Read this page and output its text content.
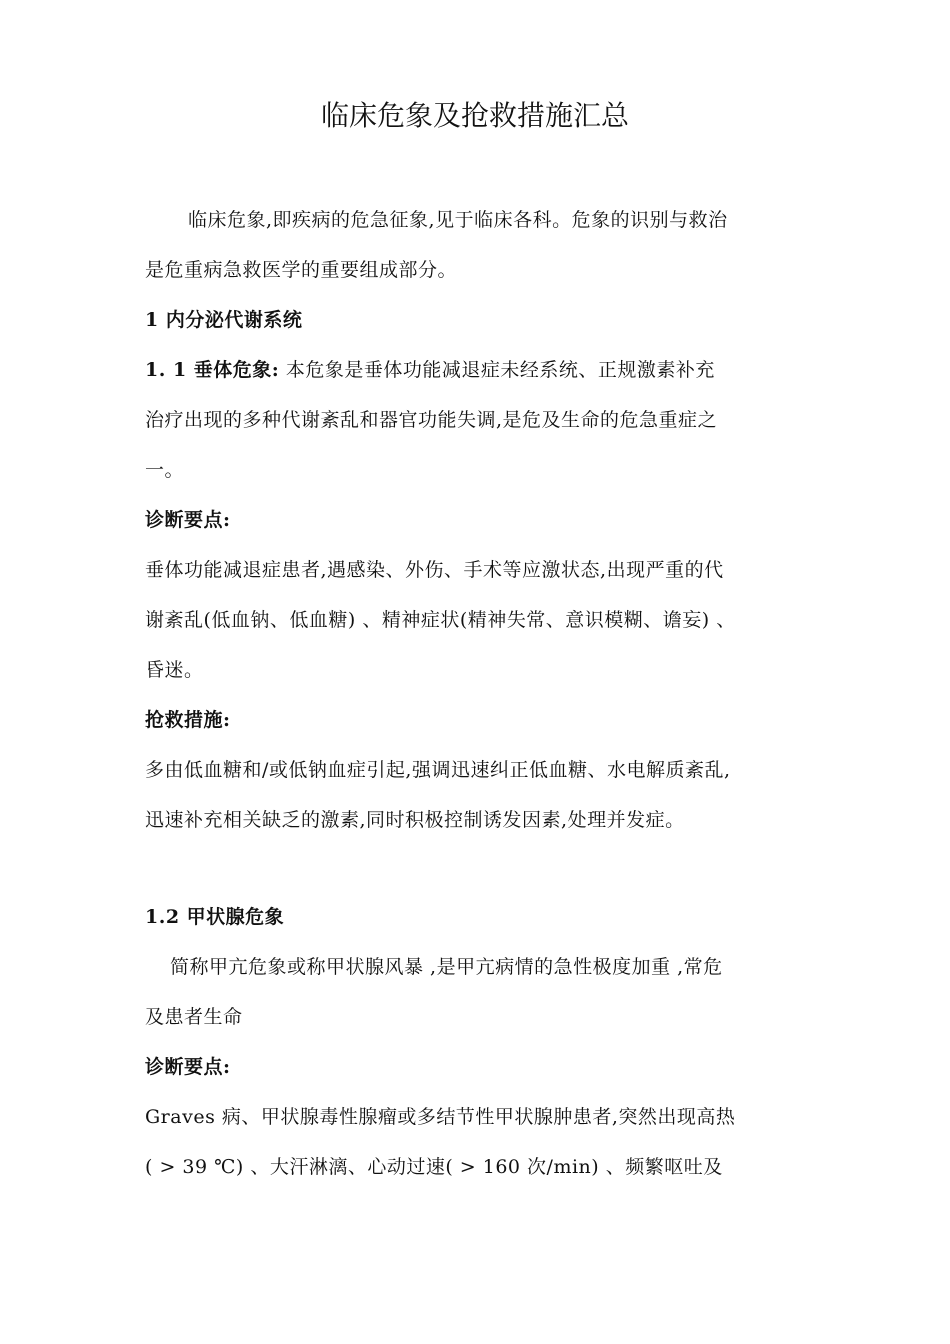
临床危象及抢救措施汇总
临床危象,即疾病的危急征象,见于临床各科。危象的识别与救治
是危重病急救医学的重要组成部分。
1 内分泌代谢系统
1. 1 垂体危象: 本危象是垂体功能减退症未经系统、正规激素补充
治疗出现的多种代谢紊乱和器官功能失调,是危及生命的危急重症之
一。
诊断要点:
垂体功能减退症患者,遇感染、外伤、手术等应激状态,出现严重的代
谢紊乱(低血钠、低血糖) 、精神症状(精神失常、意识模糊、谵妄) 、
昏迷。
抢救措施:
多由低血糖和/或低钠血症引起,强调迅速纠正低血糖、水电解质紊乱,
迅速补充相关缺乏的激素,同时积极控制诱发因素,处理并发症。
1.2 甲状腺危象
简称甲亢危象或称甲状腺风暴 ,是甲亢病情的急性极度加重 ,常危
及患者生命
诊断要点:
Graves 病、甲状腺毒性腺瘤或多结节性甲状腺肿患者,突然出现高热
( > 39 ℃) 、大汗淋漓、心动过速( > 160 次/min) 、频繁呕吐及
